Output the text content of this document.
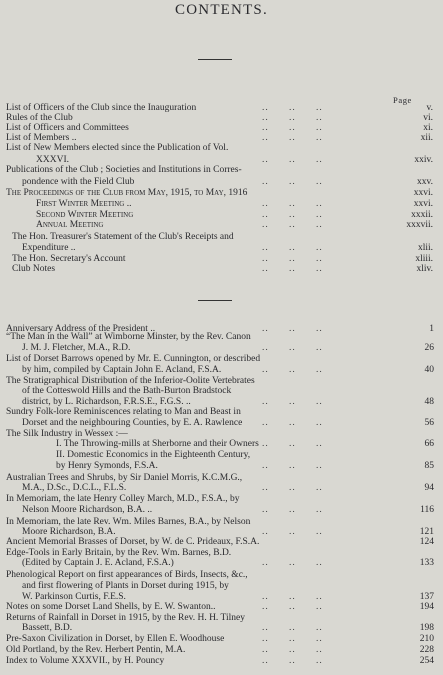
CONTENTS.
Page
List of Officers of the Club since the Inauguration	..      ..      ..	v.
Rules of the Club	..      ..      ..	vi.
List of Officers and Committees	..      ..      ..	xi.
List of Members ..	..      ..      ..	xii.
List of New Members elected since the Publication of Vol.
XXXVI.	..      ..      ..	xxiv.
Publications of the Club ; Societies and Institutions in Corres-
pondence with the Field Club	..      ..      ..	xxv.
The Proceedings of the Club from May, 1915, to May, 1916	xxvi.
First Winter Meeting ..	..      ..      ..	xxvi.
Second Winter Meeting	..      ..      ..	xxxii.
Annual Meeting	..      ..      ..	xxxvii.
The Hon. Treasurer's Statement of the Club's Receipts and
Expenditure ..	..      ..      ..	xlii.
The Hon. Secretary's Account	..      ..      ..	xliii.
Club Notes	..      ..      ..	xliv.
Anniversary Address of the President ..	..      ..      ..	1
“The Man in the Wall” at Wimborne Minster, by the Rev. Canon
J. M. J. Fletcher, M.A., R.D.	..      ..      ..	26
List of Dorset Barrows opened by Mr. E. Cunnington, or described
by him, compiled by Captain John E. Acland, F.S.A.	..      ..      ..	40
The Stratigraphical Distribution of the Inferior-Oolite Vertebrates
of the Cotteswold Hills and the Bath-Burton Bradstock
district, by L. Richardson, F.R.S.E., F.G.S. ..	..      ..      ..	48
Sundry Folk-lore Reminiscences relating to Man and Beast in
Dorset and the neighbouring Counties, by E. A. Rawlence ..      ..      ..	56
The Silk Industry in Wessex :—
I. The Throwing-mills at Sherborne and their Owners ..      ..      ..	66
II. Domestic Economics in the Eighteenth Century,
by Henry Symonds, F.S.A.	..      ..      ..	85
Australian Trees and Shrubs, by Sir Daniel Morris, K.C.M.G.,
M.A., D.Sc., D.C.L., F.L.S.	..      ..      ..	94
In Memoriam, the late Henry Colley March, M.D., F.S.A., by
Nelson Moore Richardson, B.A. ..	..      ..      ..	116
In Memoriam, the late Rev. Wm. Miles Barnes, B.A., by Nelson
Moore Richardson, B.A.	..      ..      ..	121
Ancient Memorial Brasses of Dorset, by W. de C. Prideaux, F.S.A.	124
Edge-Tools in Early Britain, by the Rev. Wm. Barnes, B.D.
(Edited by Captain J. E. Acland, F.S.A.)	..      ..      ..	133
Phenological Report on first appearances of Birds, Insects, &c.,
and first flowering of Plants in Dorset during 1915, by
W. Parkinson Curtis, F.E.S.	..      ..      ..	137
Notes on some Dorset Land Shells, by E. W. Swanton..	..      ..      ..	194
Returns of Rainfall in Dorset in 1915, by the Rev. H. H. Tilney
Bassett, B.D.	..      ..      ..	198
Pre-Saxon Civilization in Dorset, by Ellen E. Woodhouse	..      ..      ..	210
Old Portland, by the Rev. Herbert Pentin, M.A.	..      ..      ..	228
Index to Volume XXXVII., by H. Pouncy	..      ..      ..	254
